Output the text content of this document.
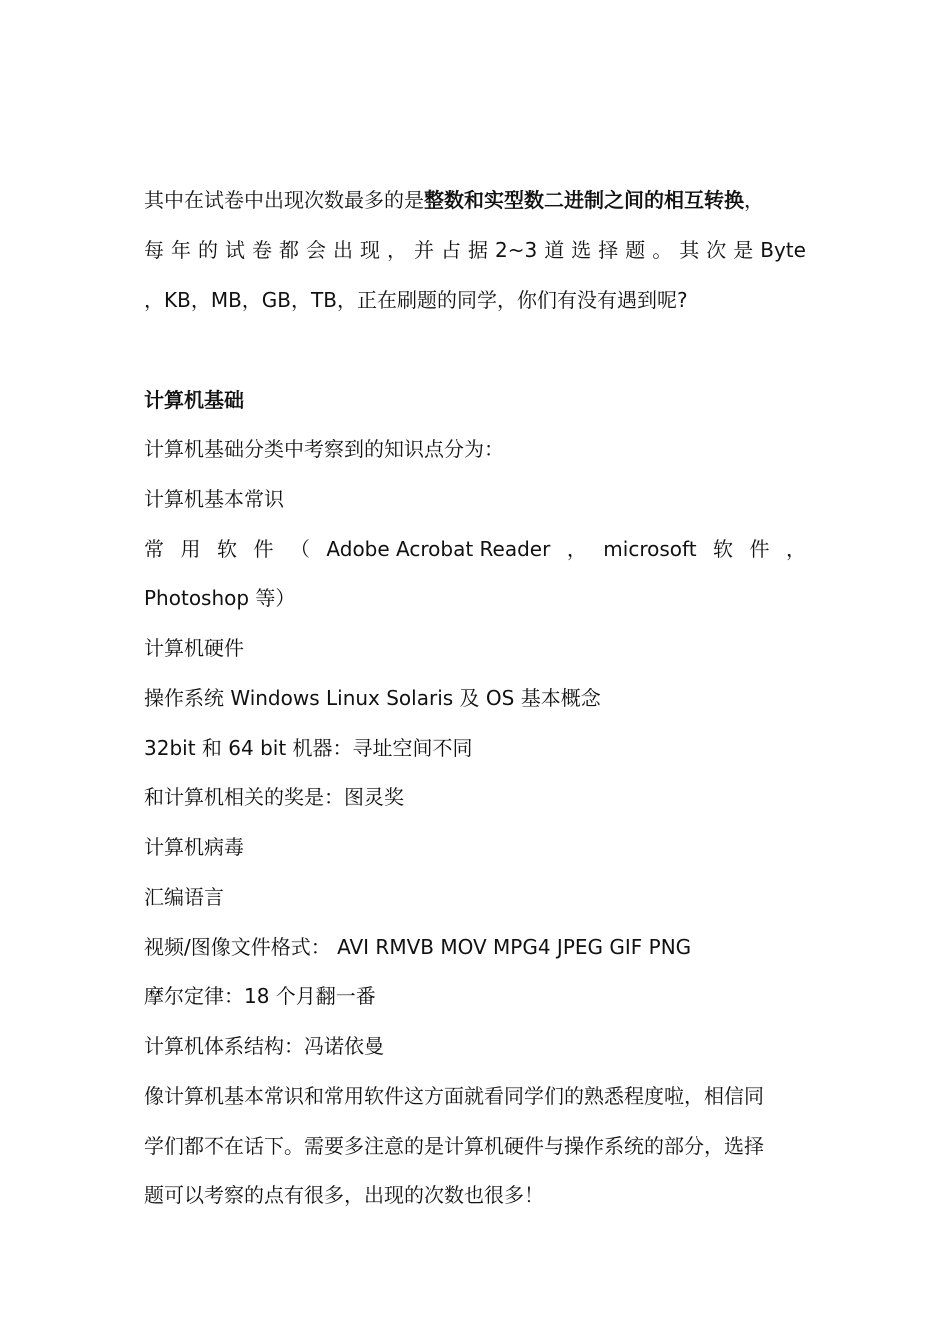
其中在试卷中出现次数最多的是整数和实型数二进制之间的相互转换，

每 年 的 试 卷 都 会 出 现 ， 并 占 据 2~3 道 选 择 题 。 其 次 是 Byte

，KB，MB，GB，TB，正在刷题的同学，你们有没有遇到呢?

计算机基础

计算机基础分类中考察到的知识点分为：

计算机基本常识

常 用 软 件 （ Adobe Acrobat Reader ， microsoft 软 件 ，

Photoshop 等）

计算机硬件

操作系统 Windows Linux Solaris 及 OS 基本概念

32bit 和 64 bit 机器：寻址空间不同

和计算机相关的奖是：图灵奖

计算机病毒

汇编语言

视频/图像文件格式： AVI RMVB MOV MPG4 JPEG GIF PNG

摩尔定律：18 个月翻一番

计算机体系结构：冯诺依曼

像计算机基本常识和常用软件这方面就看同学们的熟悉程度啦，相信同

学们都不在话下。需要多注意的是计算机硬件与操作系统的部分，选择

题可以考察的点有很多，出现的次数也很多！
